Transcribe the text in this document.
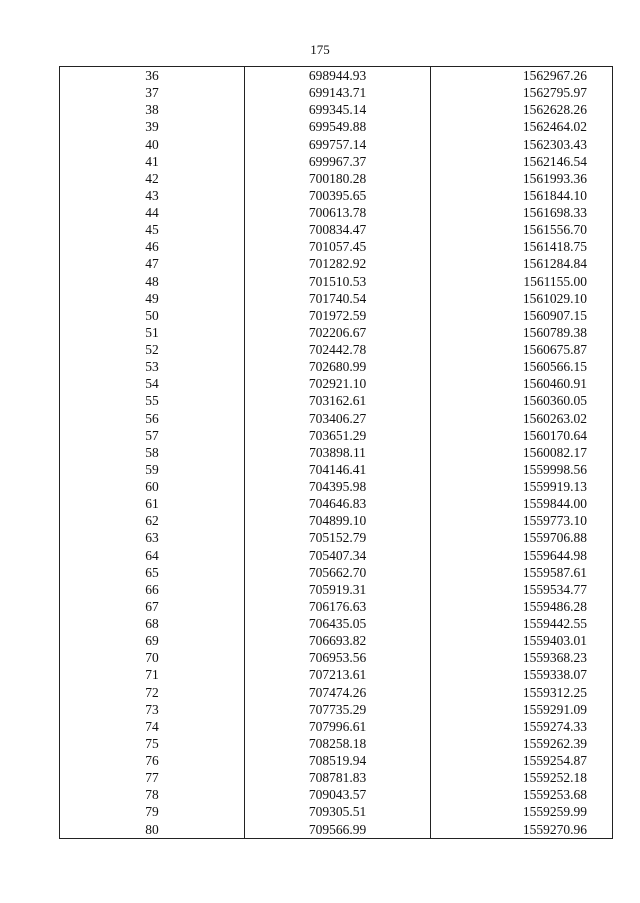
175
36	698944.93	1562967.26
37	699143.71	1562795.97
38	699345.14	1562628.26
39	699549.88	1562464.02
40	699757.14	1562303.43
41	699967.37	1562146.54
42	700180.28	1561993.36
43	700395.65	1561844.10
44	700613.78	1561698.33
45	700834.47	1561556.70
46	701057.45	1561418.75
47	701282.92	1561284.84
48	701510.53	1561155.00
49	701740.54	1561029.10
50	701972.59	1560907.15
51	702206.67	1560789.38
52	702442.78	1560675.87
53	702680.99	1560566.15
54	702921.10	1560460.91
55	703162.61	1560360.05
56	703406.27	1560263.02
57	703651.29	1560170.64
58	703898.11	1560082.17
59	704146.41	1559998.56
60	704395.98	1559919.13
61	704646.83	1559844.00
62	704899.10	1559773.10
63	705152.79	1559706.88
64	705407.34	1559644.98
65	705662.70	1559587.61
66	705919.31	1559534.77
67	706176.63	1559486.28
68	706435.05	1559442.55
69	706693.82	1559403.01
70	706953.56	1559368.23
71	707213.61	1559338.07
72	707474.26	1559312.25
73	707735.29	1559291.09
74	707996.61	1559274.33
75	708258.18	1559262.39
76	708519.94	1559254.87
77	708781.83	1559252.18
78	709043.57	1559253.68
79	709305.51	1559259.99
80	709566.99	1559270.96
